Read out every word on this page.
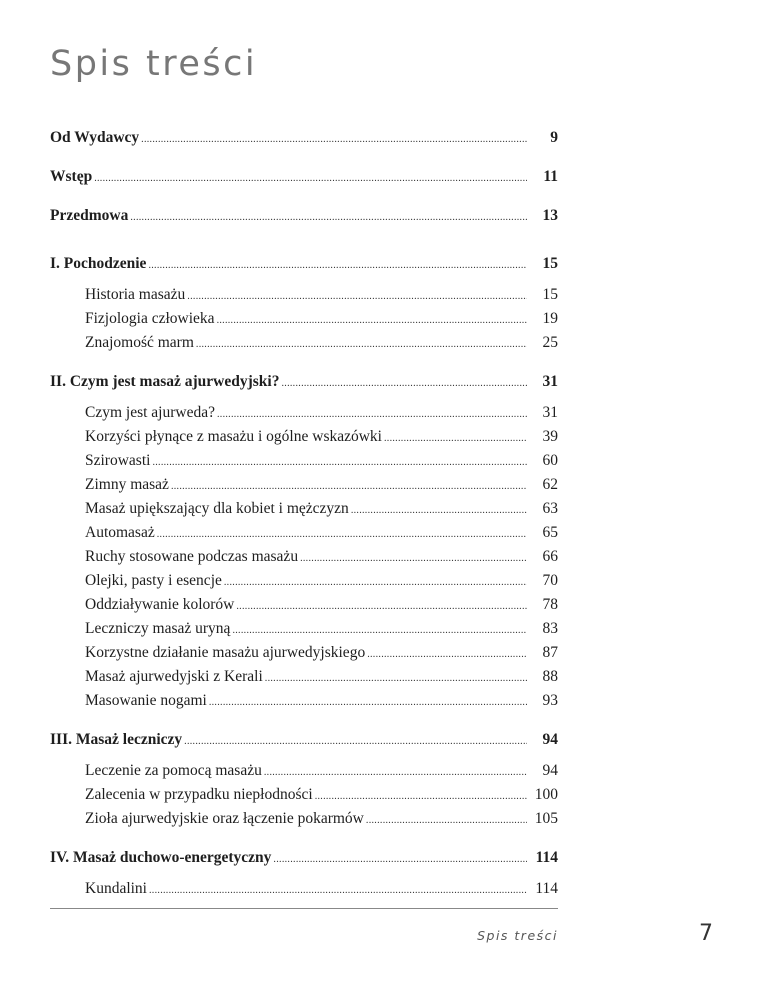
Spis treści
Od Wydawcy .....	9
Wstęp .....	11
Przedmowa .....	13
I. Pochodzenie .....	15
Historia masażu .....	15
Fizjologia człowieka .....	19
Znajomość marm .....	25
II. Czym jest masaż ajurwedyjski? .....	31
Czym jest ajurweda? .....	31
Korzyści płynące z masażu i ogólne wskazówki .....	39
Szirowasti .....	60
Zimny masaż .....	62
Masaż upiększający dla kobiet i mężczyzn .....	63
Automasaż .....	65
Ruchy stosowane podczas masażu .....	66
Olejki, pasty i esencje .....	70
Oddziaływanie kolorów .....	78
Leczniczy masaż uryną .....	83
Korzystne działanie masażu ajurwedyjskiego .....	87
Masaż ajurwedyjski z Kerali .....	88
Masowanie nogami .....	93
III. Masaż leczniczy .....	94
Leczenie za pomocą masażu .....	94
Zalecenia w przypadku niepłodności .....	100
Zioła ajurwedyjskie oraz łączenie pokarmów .....	105
IV. Masaż duchowo-energetyczny .....	114
Kundalini .....	114
Spis treści	7
